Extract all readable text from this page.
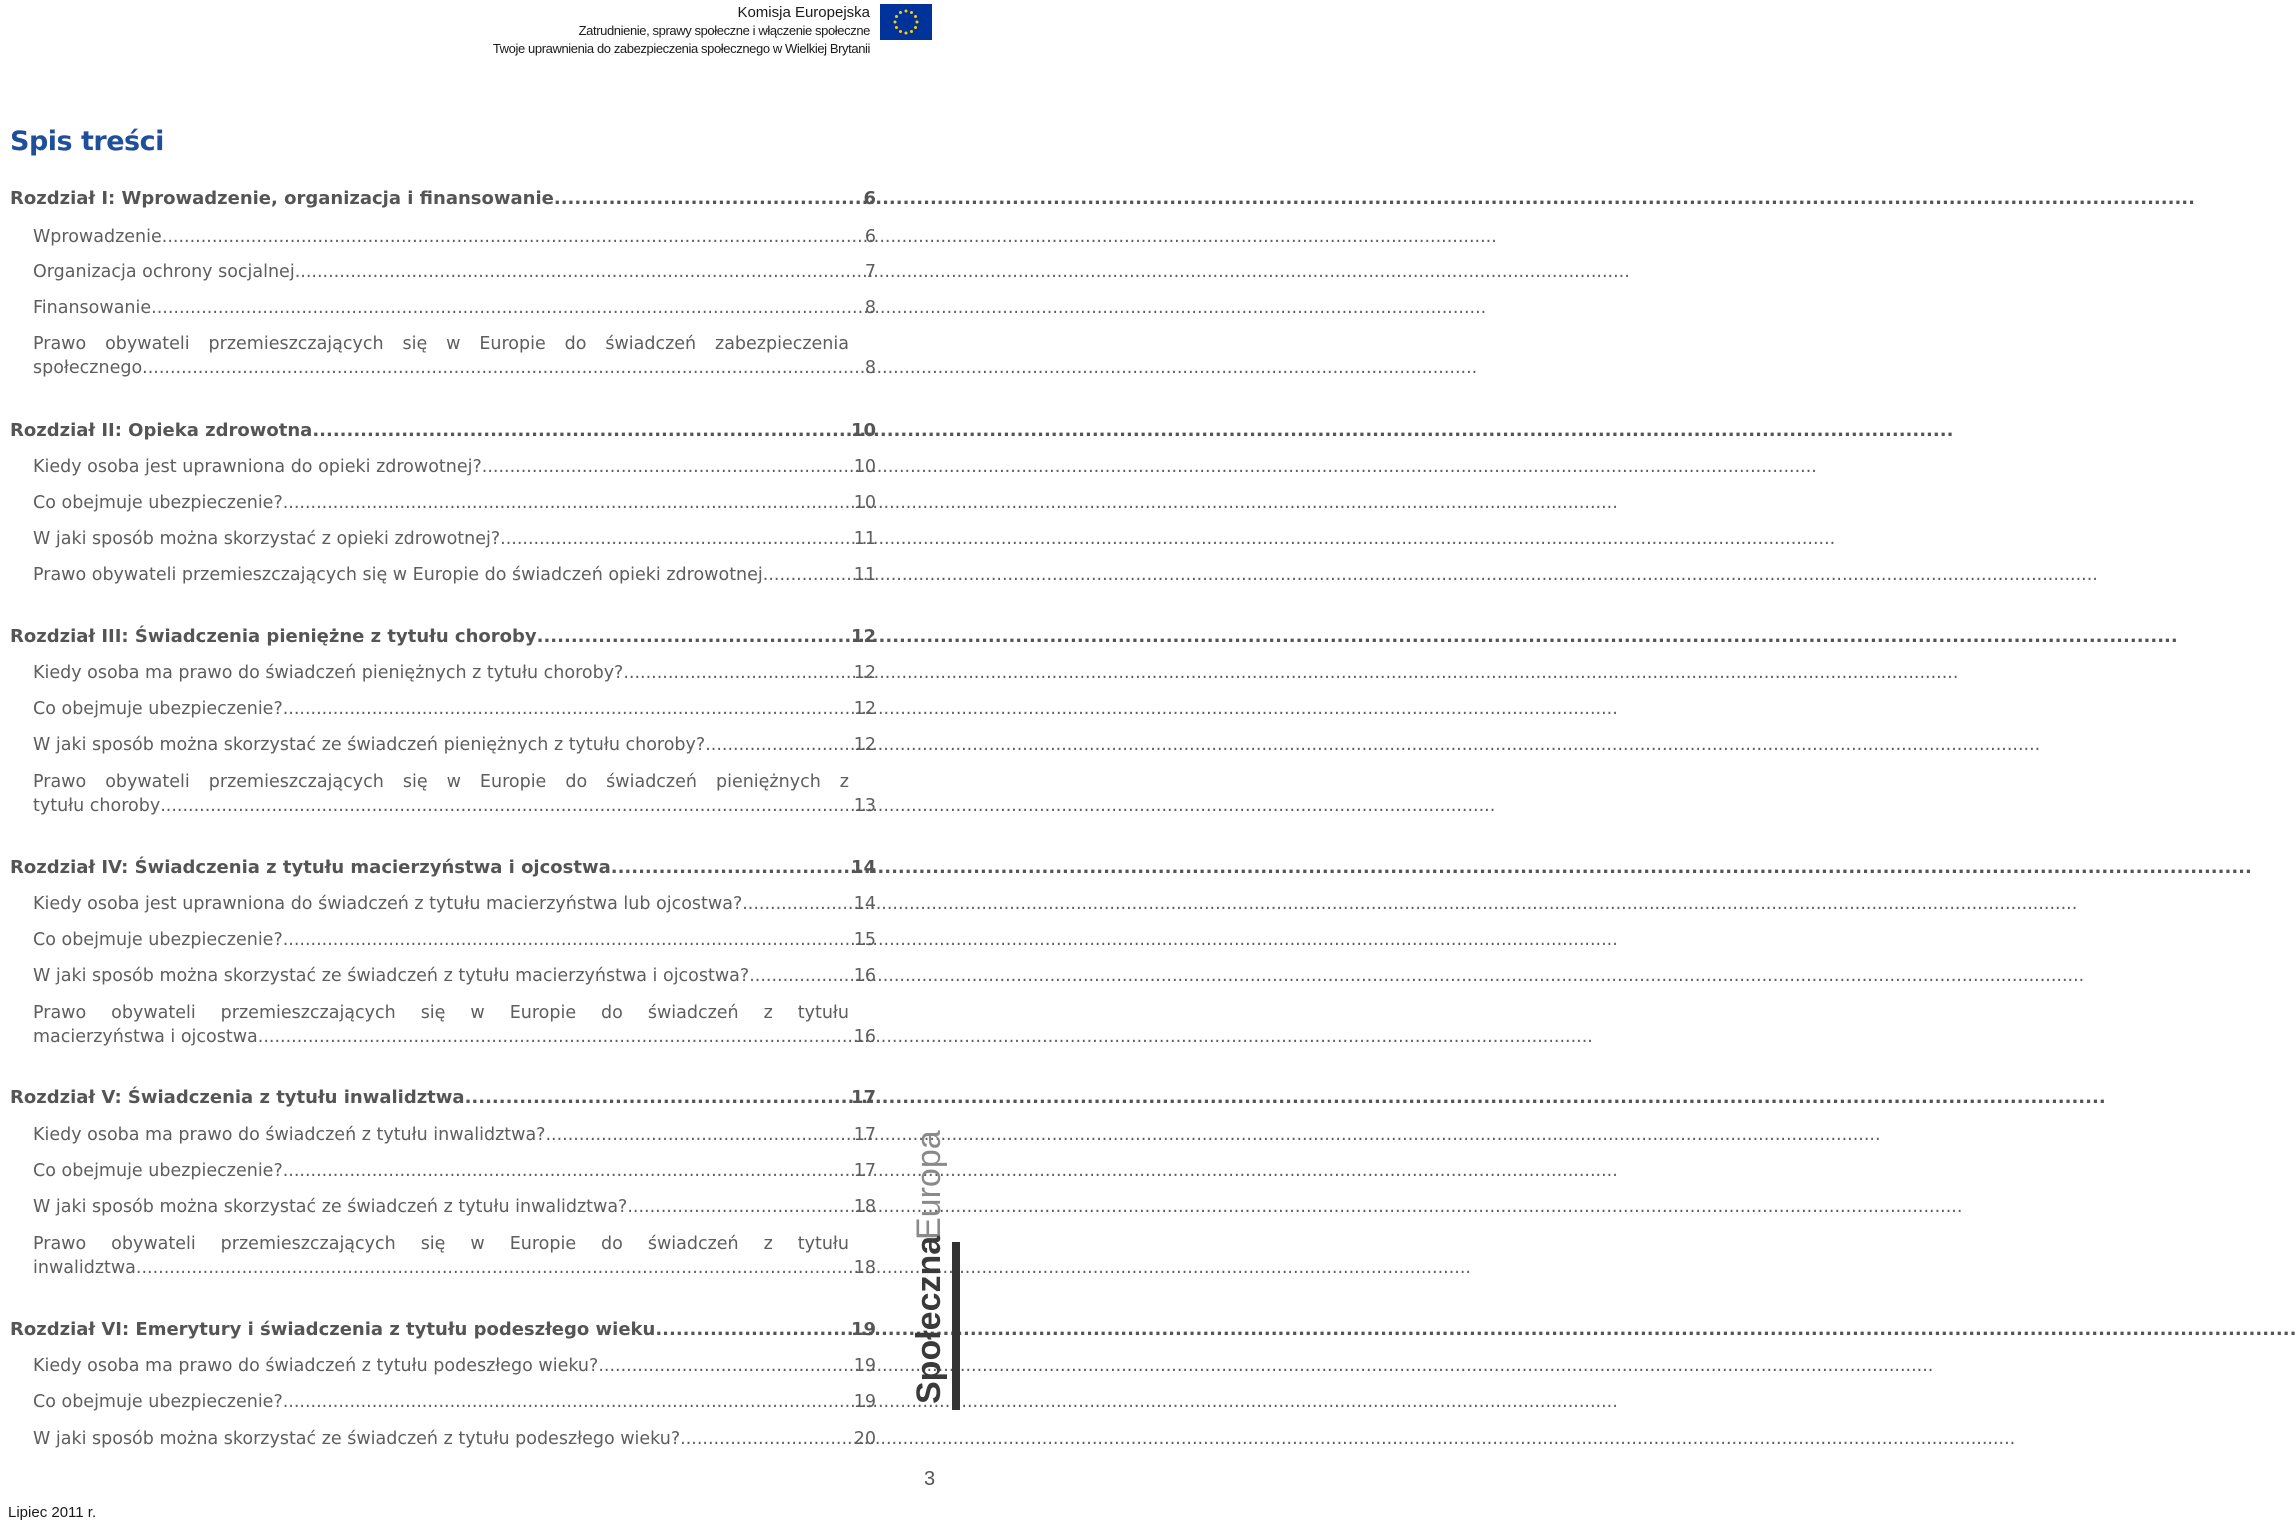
Komisja Europejska
Zatrudnienie, sprawy społeczne i włączenie społeczne
Twoje uprawnienia do zabezpieczenia społecznego w Wielkiej Brytanii
Spis treści
Rozdział I: Wprowadzenie, organizacja i finansowanie .....	6
Wprowadzenie .....	6
Organizacja ochrony socjalnej .....	7
Finansowanie .....	8
Prawo obywateli przemieszczających się w Europie do świadczeń zabezpieczenia
społecznego .....	8
Rozdział II: Opieka zdrowotna .....	10
Kiedy osoba jest uprawniona do opieki zdrowotnej? .....	10
Co obejmuje ubezpieczenie? .....	10
W jaki sposób można skorzystać z opieki zdrowotnej? .....	11
Prawo obywateli przemieszczających się w Europie do świadczeń opieki zdrowotnej .....	11
Rozdział III: Świadczenia pieniężne z tytułu choroby .....	12
Kiedy osoba ma prawo do świadczeń pieniężnych z tytułu choroby? .....	12
Co obejmuje ubezpieczenie? .....	12
W jaki sposób można skorzystać ze świadczeń pieniężnych z tytułu choroby? .....	12
Prawo obywateli przemieszczających się w Europie do świadczeń pieniężnych z
tytułu choroby .....	13
Rozdział IV: Świadczenia z tytułu macierzyństwa i ojcostwa .....	14
Kiedy osoba jest uprawniona do świadczeń z tytułu macierzyństwa lub ojcostwa? .....	14
Co obejmuje ubezpieczenie? .....	15
W jaki sposób można skorzystać ze świadczeń z tytułu macierzyństwa i ojcostwa? .....	16
Prawo obywateli przemieszczających się w Europie do świadczeń z tytułu
macierzyństwa i ojcostwa .....	16
Rozdział V: Świadczenia z tytułu inwalidztwa .....	17
Kiedy osoba ma prawo do świadczeń z tytułu inwalidztwa? .....	17
Co obejmuje ubezpieczenie? .....	17
W jaki sposób można skorzystać ze świadczeń z tytułu inwalidztwa? .....	18
Prawo obywateli przemieszczających się w Europie do świadczeń z tytułu
inwalidztwa .....	18
Rozdział VI: Emerytury i świadczenia z tytułu podeszłego wieku .....	19
Kiedy osoba ma prawo do świadczeń z tytułu podeszłego wieku? .....	19
Co obejmuje ubezpieczenie? .....	19
W jaki sposób można skorzystać ze świadczeń z tytułu podeszłego wieku? .....	20
Europa
Społeczna
3
Lipiec 2011 r.
